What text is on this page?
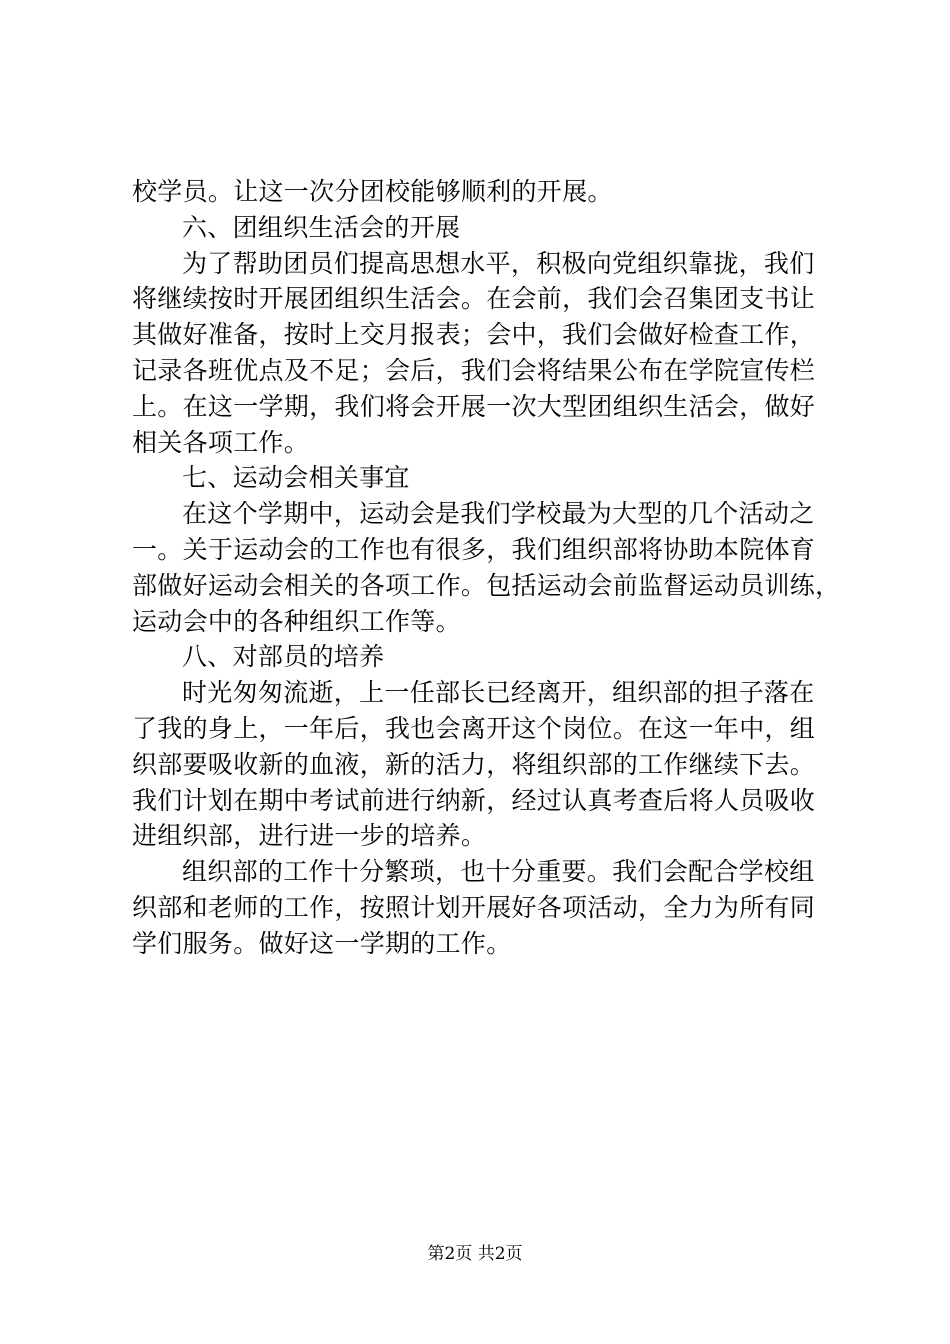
校学员。让这一次分团校能够顺利的开展。
六、团组织生活会的开展
为了帮助团员们提高思想水平，积极向党组织靠拢，我们
将继续按时开展团组织生活会。在会前，我们会召集团支书让
其做好准备，按时上交月报表；会中，我们会做好检查工作，
记录各班优点及不足；会后，我们会将结果公布在学院宣传栏
上。在这一学期，我们将会开展一次大型团组织生活会，做好
相关各项工作。
七、运动会相关事宜
在这个学期中，运动会是我们学校最为大型的几个活动之
一。关于运动会的工作也有很多，我们组织部将协助本院体育
部做好运动会相关的各项工作。包括运动会前监督运动员训练，
运动会中的各种组织工作等。
八、对部员的培养
时光匆匆流逝，上一任部长已经离开，组织部的担子落在
了我的身上，一年后，我也会离开这个岗位。在这一年中，组
织部要吸收新的血液，新的活力，将组织部的工作继续下去。
我们计划在期中考试前进行纳新，经过认真考查后将人员吸收
进组织部，进行进一步的培养。
组织部的工作十分繁琐，也十分重要。我们会配合学校组
织部和老师的工作，按照计划开展好各项活动，全力为所有同
学们服务。做好这一学期的工作。
第2页 共2页
